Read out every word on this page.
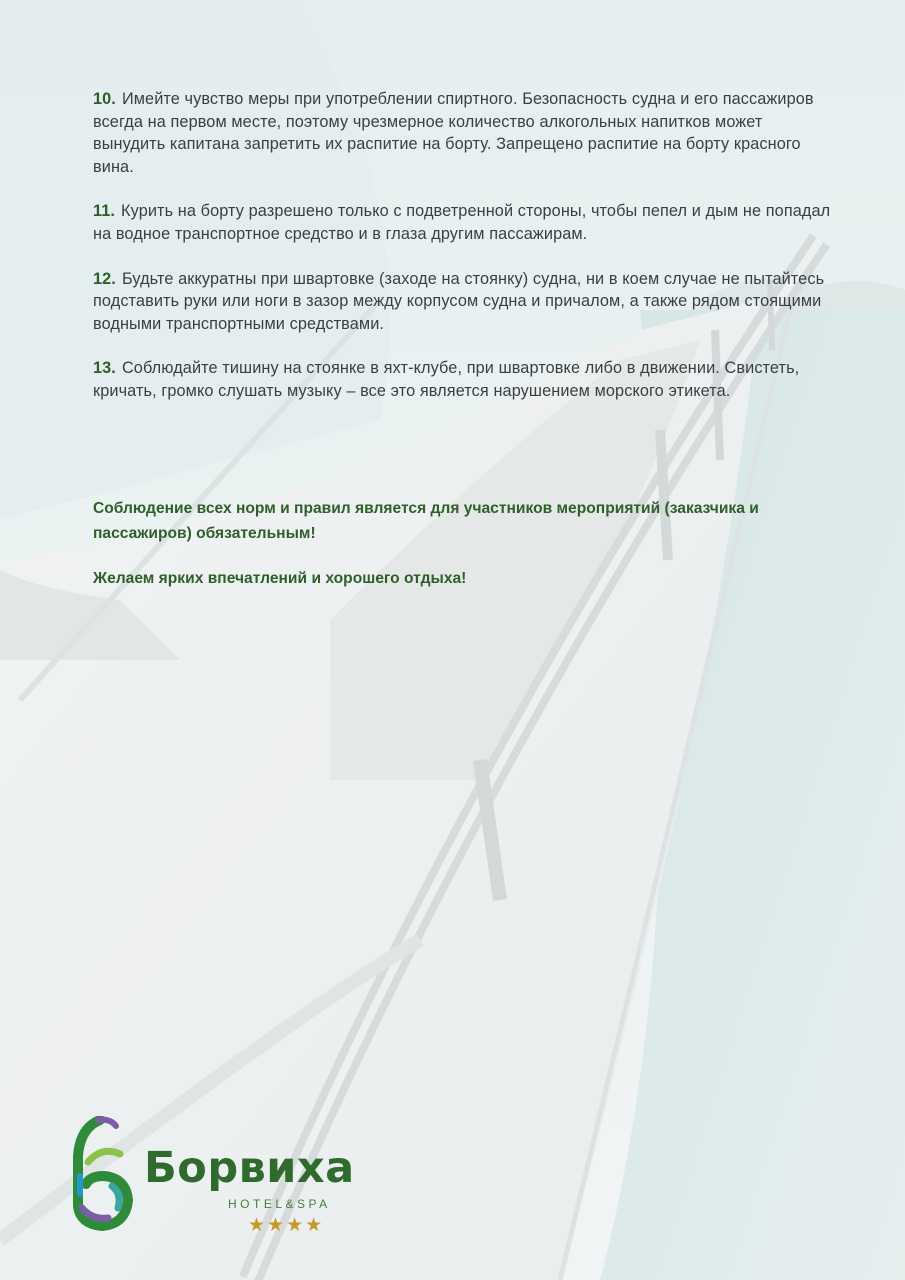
10. Имейте чувство меры при употреблении спиртного. Безопасность судна и его пассажиров всегда на первом месте, поэтому чрезмерное количество алкогольных напитков может вынудить капитана запретить их распитие на борту. Запрещено распитие на борту красного вина.

11. Курить на борту разрешено только с подветренной стороны, чтобы пепел и дым не попадал на водное транспортное средство и в глаза другим пассажирам.

12. Будьте аккуратны при швартовке (заходе на стоянку) судна, ни в коем случае не пытайтесь подставить руки или ноги в зазор между корпусом судна и причалом, а также рядом стоящими водными транспортными средствами.

13. Соблюдайте тишину на стоянке в яхт-клубе, при швартовке либо в движении. Свистеть, кричать, громко слушать музыку – все это является нарушением морского этикета.

Соблюдение всех норм и правил является для участников мероприятий (заказчика и пассажиров) обязательным!

Желаем ярких впечатлений и хорошего отдыха!

Борвиха
HOTEL&SPA
★★★★
